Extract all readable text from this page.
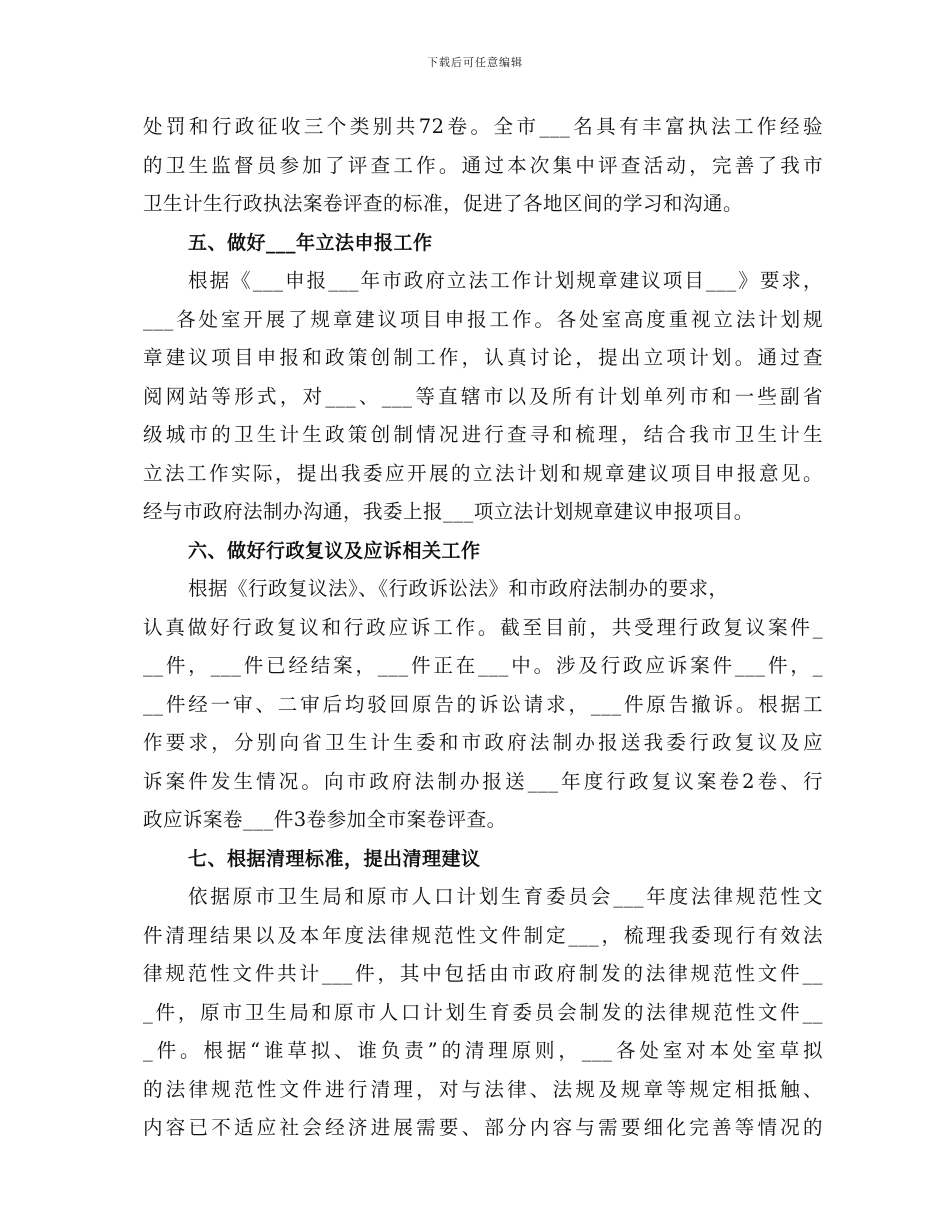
下载后可任意编辑
处罚和行政征收三个类别共72卷。全市___名具有丰富执法工作经验
的卫生监督员参加了评查工作。通过本次集中评查活动，完善了我市
卫生计生行政执法案卷评查的标准，促进了各地区间的学习和沟通。
五、做好___年立法申报工作
根据《___申报___年市政府立法工作计划规章建议项目___》要求，
___各处室开展了规章建议项目申报工作。各处室高度重视立法计划规
章建议项目申报和政策创制工作，认真讨论，提出立项计划。通过查
阅网站等形式，对___、___等直辖市以及所有计划单列市和一些副省
级城市的卫生计生政策创制情况进行查寻和梳理，结合我市卫生计生
立法工作实际，提出我委应开展的立法计划和规章建议项目申报意见。
经与市政府法制办沟通，我委上报___项立法计划规章建议申报项目。
六、做好行政复议及应诉相关工作
根据《行政复议法》、《行政诉讼法》和市政府法制办的要求，
认真做好行政复议和行政应诉工作。截至目前，共受理行政复议案件_
__件，___件已经结案，___件正在___中。涉及行政应诉案件___件，_
__件经一审、二审后均驳回原告的诉讼请求，___件原告撤诉。根据工
作要求，分别向省卫生计生委和市政府法制办报送我委行政复议及应
诉案件发生情况。向市政府法制办报送___年度行政复议案卷2卷、行
政应诉案卷___件3卷参加全市案卷评查。
七、根据清理标准，提出清理建议
依据原市卫生局和原市人口计划生育委员会___年度法律规范性文
件清理结果以及本年度法律规范性文件制定___，梳理我委现行有效法
律规范性文件共计___件，其中包括由市政府制发的法律规范性文件__
_件，原市卫生局和原市人口计划生育委员会制发的法律规范性文件__
_件。根据“谁草拟、谁负责”的清理原则，___各处室对本处室草拟
的法律规范性文件进行清理，对与法律、法规及规章等规定相抵触、
内容已不适应社会经济进展需要、部分内容与需要细化完善等情况的
